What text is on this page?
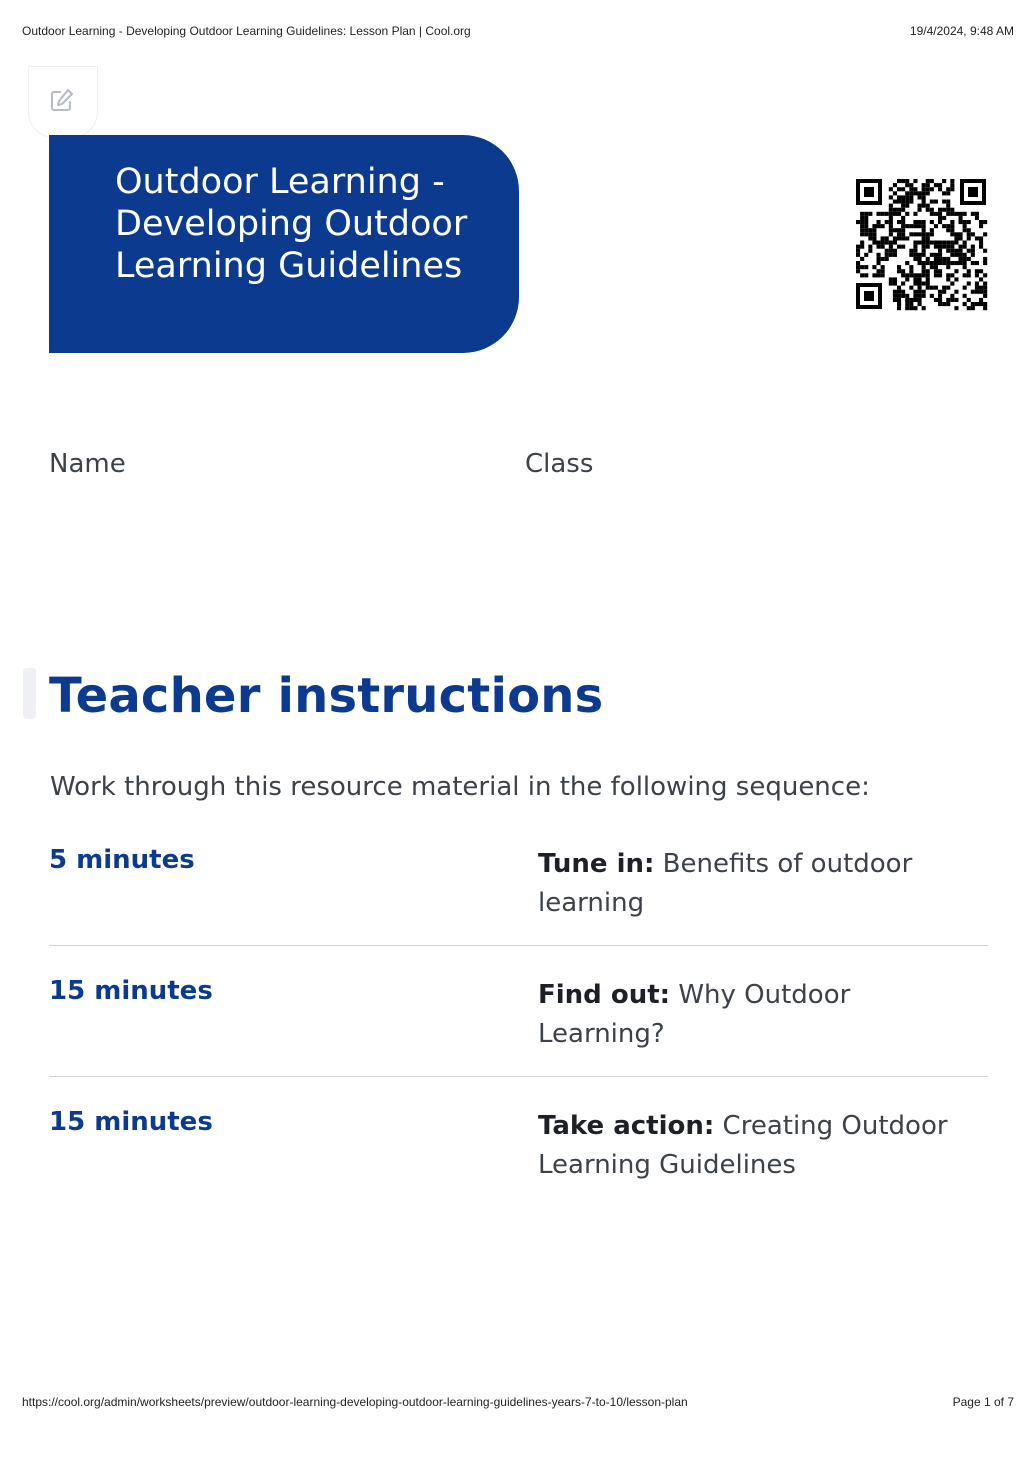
Outdoor Learning - Developing Outdoor Learning Guidelines: Lesson Plan | Cool.org	19/4/2024, 9:48 AM
Outdoor Learning - Developing Outdoor Learning Guidelines
Name	Class
Teacher instructions
Work through this resource material in the following sequence:
5 minutes	Tune in: Benefits of outdoor learning
15 minutes	Find out: Why Outdoor Learning?
15 minutes	Take action: Creating Outdoor Learning Guidelines
https://cool.org/admin/worksheets/preview/outdoor-learning-developing-outdoor-learning-guidelines-years-7-to-10/lesson-plan	Page 1 of 7
